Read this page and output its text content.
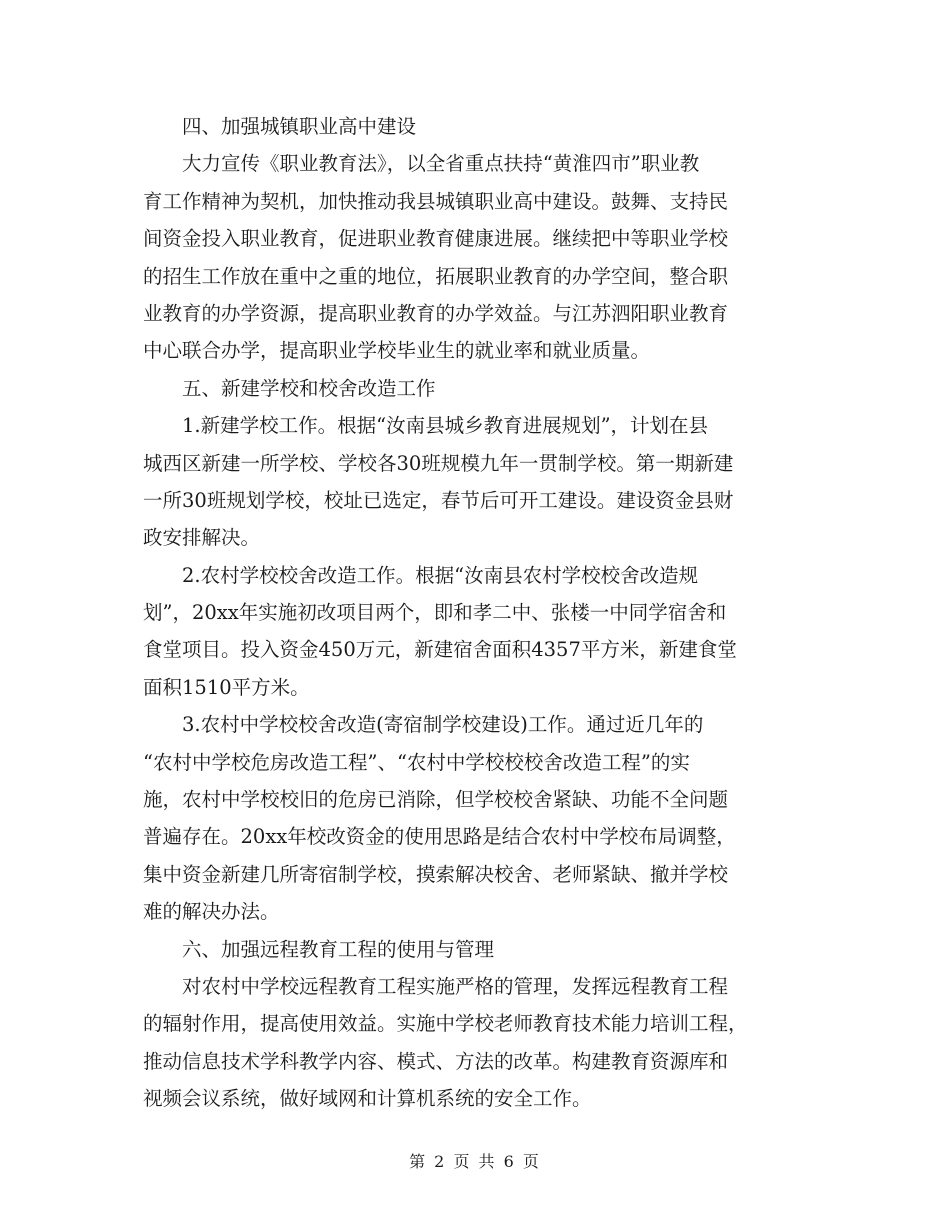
　　四、加强城镇职业高中建设
　　大力宣传《职业教育法》，以全省重点扶持“黄淮四市”职业教
育工作精神为契机，加快推动我县城镇职业高中建设。鼓舞、支持民
间资金投入职业教育，促进职业教育健康进展。继续把中等职业学校
的招生工作放在重中之重的地位，拓展职业教育的办学空间，整合职
业教育的办学资源，提高职业教育的办学效益。与江苏泗阳职业教育
中心联合办学，提高职业学校毕业生的就业率和就业质量。
　　五、新建学校和校舍改造工作
　　1.新建学校工作。根据“汝南县城乡教育进展规划”，计划在县
城西区新建一所学校、学校各30班规模九年一贯制学校。第一期新建
一所30班规划学校，校址已选定，春节后可开工建设。建设资金县财
政安排解决。
　　2.农村学校校舍改造工作。根据“汝南县农村学校校舍改造规
划”，20xx年实施初改项目两个，即和孝二中、张楼一中同学宿舍和
食堂项目。投入资金450万元，新建宿舍面积4357平方米，新建食堂
面积1510平方米。
　　3.农村中学校校舍改造(寄宿制学校建设)工作。通过近几年的
“农村中学校危房改造工程”、“农村中学校校校舍改造工程”的实
施，农村中学校校旧的危房已消除，但学校校舍紧缺、功能不全问题
普遍存在。20xx年校改资金的使用思路是结合农村中学校布局调整，
集中资金新建几所寄宿制学校，摸索解决校舍、老师紧缺、撤并学校
难的解决办法。
　　六、加强远程教育工程的使用与管理
　　对农村中学校远程教育工程实施严格的管理，发挥远程教育工程
的辐射作用，提高使用效益。实施中学校老师教育技术能力培训工程，
推动信息技术学科教学内容、模式、方法的改革。构建教育资源库和
视频会议系统，做好域网和计算机系统的安全工作。
第 2 页 共 6 页
